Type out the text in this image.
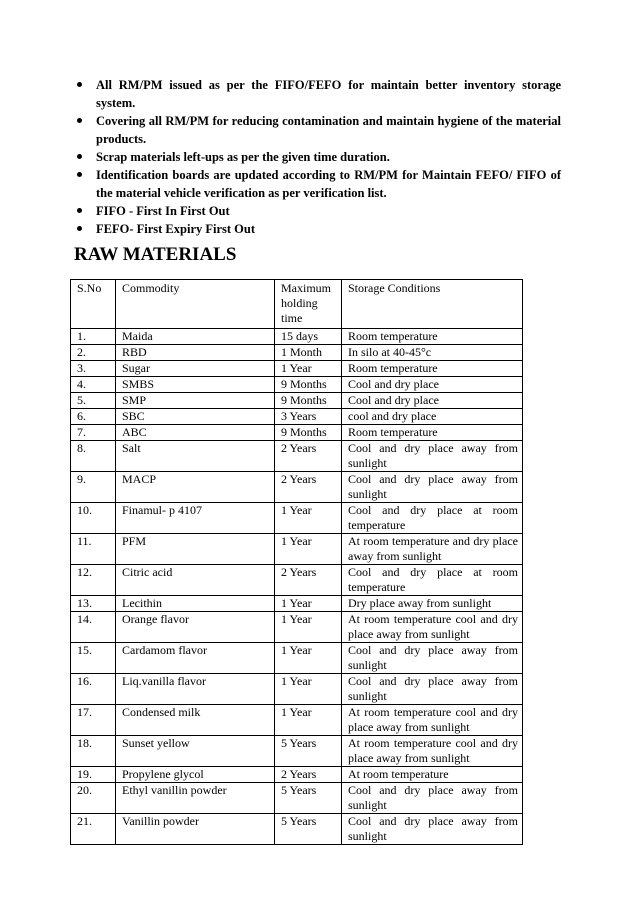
All RM/PM issued as per the FIFO/FEFO for maintain better inventory storage system.
Covering all RM/PM for reducing contamination and maintain hygiene of the material products.
Scrap materials left-ups as per the given time duration.
Identification boards are updated according to RM/PM for Maintain FEFO/ FIFO of the material vehicle verification as per verification list.
FIFO - First In First Out
FEFO- First Expiry First Out
RAW MATERIALS
S.No	Commodity	Maximum holding time	Storage Conditions
1.	Maida	15 days	Room temperature
2.	RBD	1 Month	In silo at 40-45°c
3.	Sugar	1 Year	Room temperature
4.	SMBS	9 Months	Cool and dry place
5.	SMP	9 Months	Cool and dry place
6.	SBC	3 Years	cool and dry place
7.	ABC	9 Months	Room temperature
8.	Salt	2 Years	Cool and dry place away from sunlight
9.	MACP	2 Years	Cool and dry place away from sunlight
10.	Finamul- p 4107	1 Year	Cool and dry place at room temperature
11.	PFM	1 Year	At room temperature and dry place away from sunlight
12.	Citric acid	2 Years	Cool and dry place at room temperature
13.	Lecithin	1 Year	Dry place away from sunlight
14.	Orange flavor	1 Year	At room temperature cool and dry place away from sunlight
15.	Cardamom flavor	1 Year	Cool and dry place away from sunlight
16.	Liq.vanilla flavor	1 Year	Cool and dry place away from sunlight
17.	Condensed milk	1 Year	At room temperature cool and dry place away from sunlight
18.	Sunset yellow	5 Years	At room temperature cool and dry place away from sunlight
19.	Propylene glycol	2 Years	At room temperature
20.	Ethyl vanillin powder	5 Years	Cool and dry place away from sunlight
21.	Vanillin powder	5 Years	Cool and dry place away from sunlight
